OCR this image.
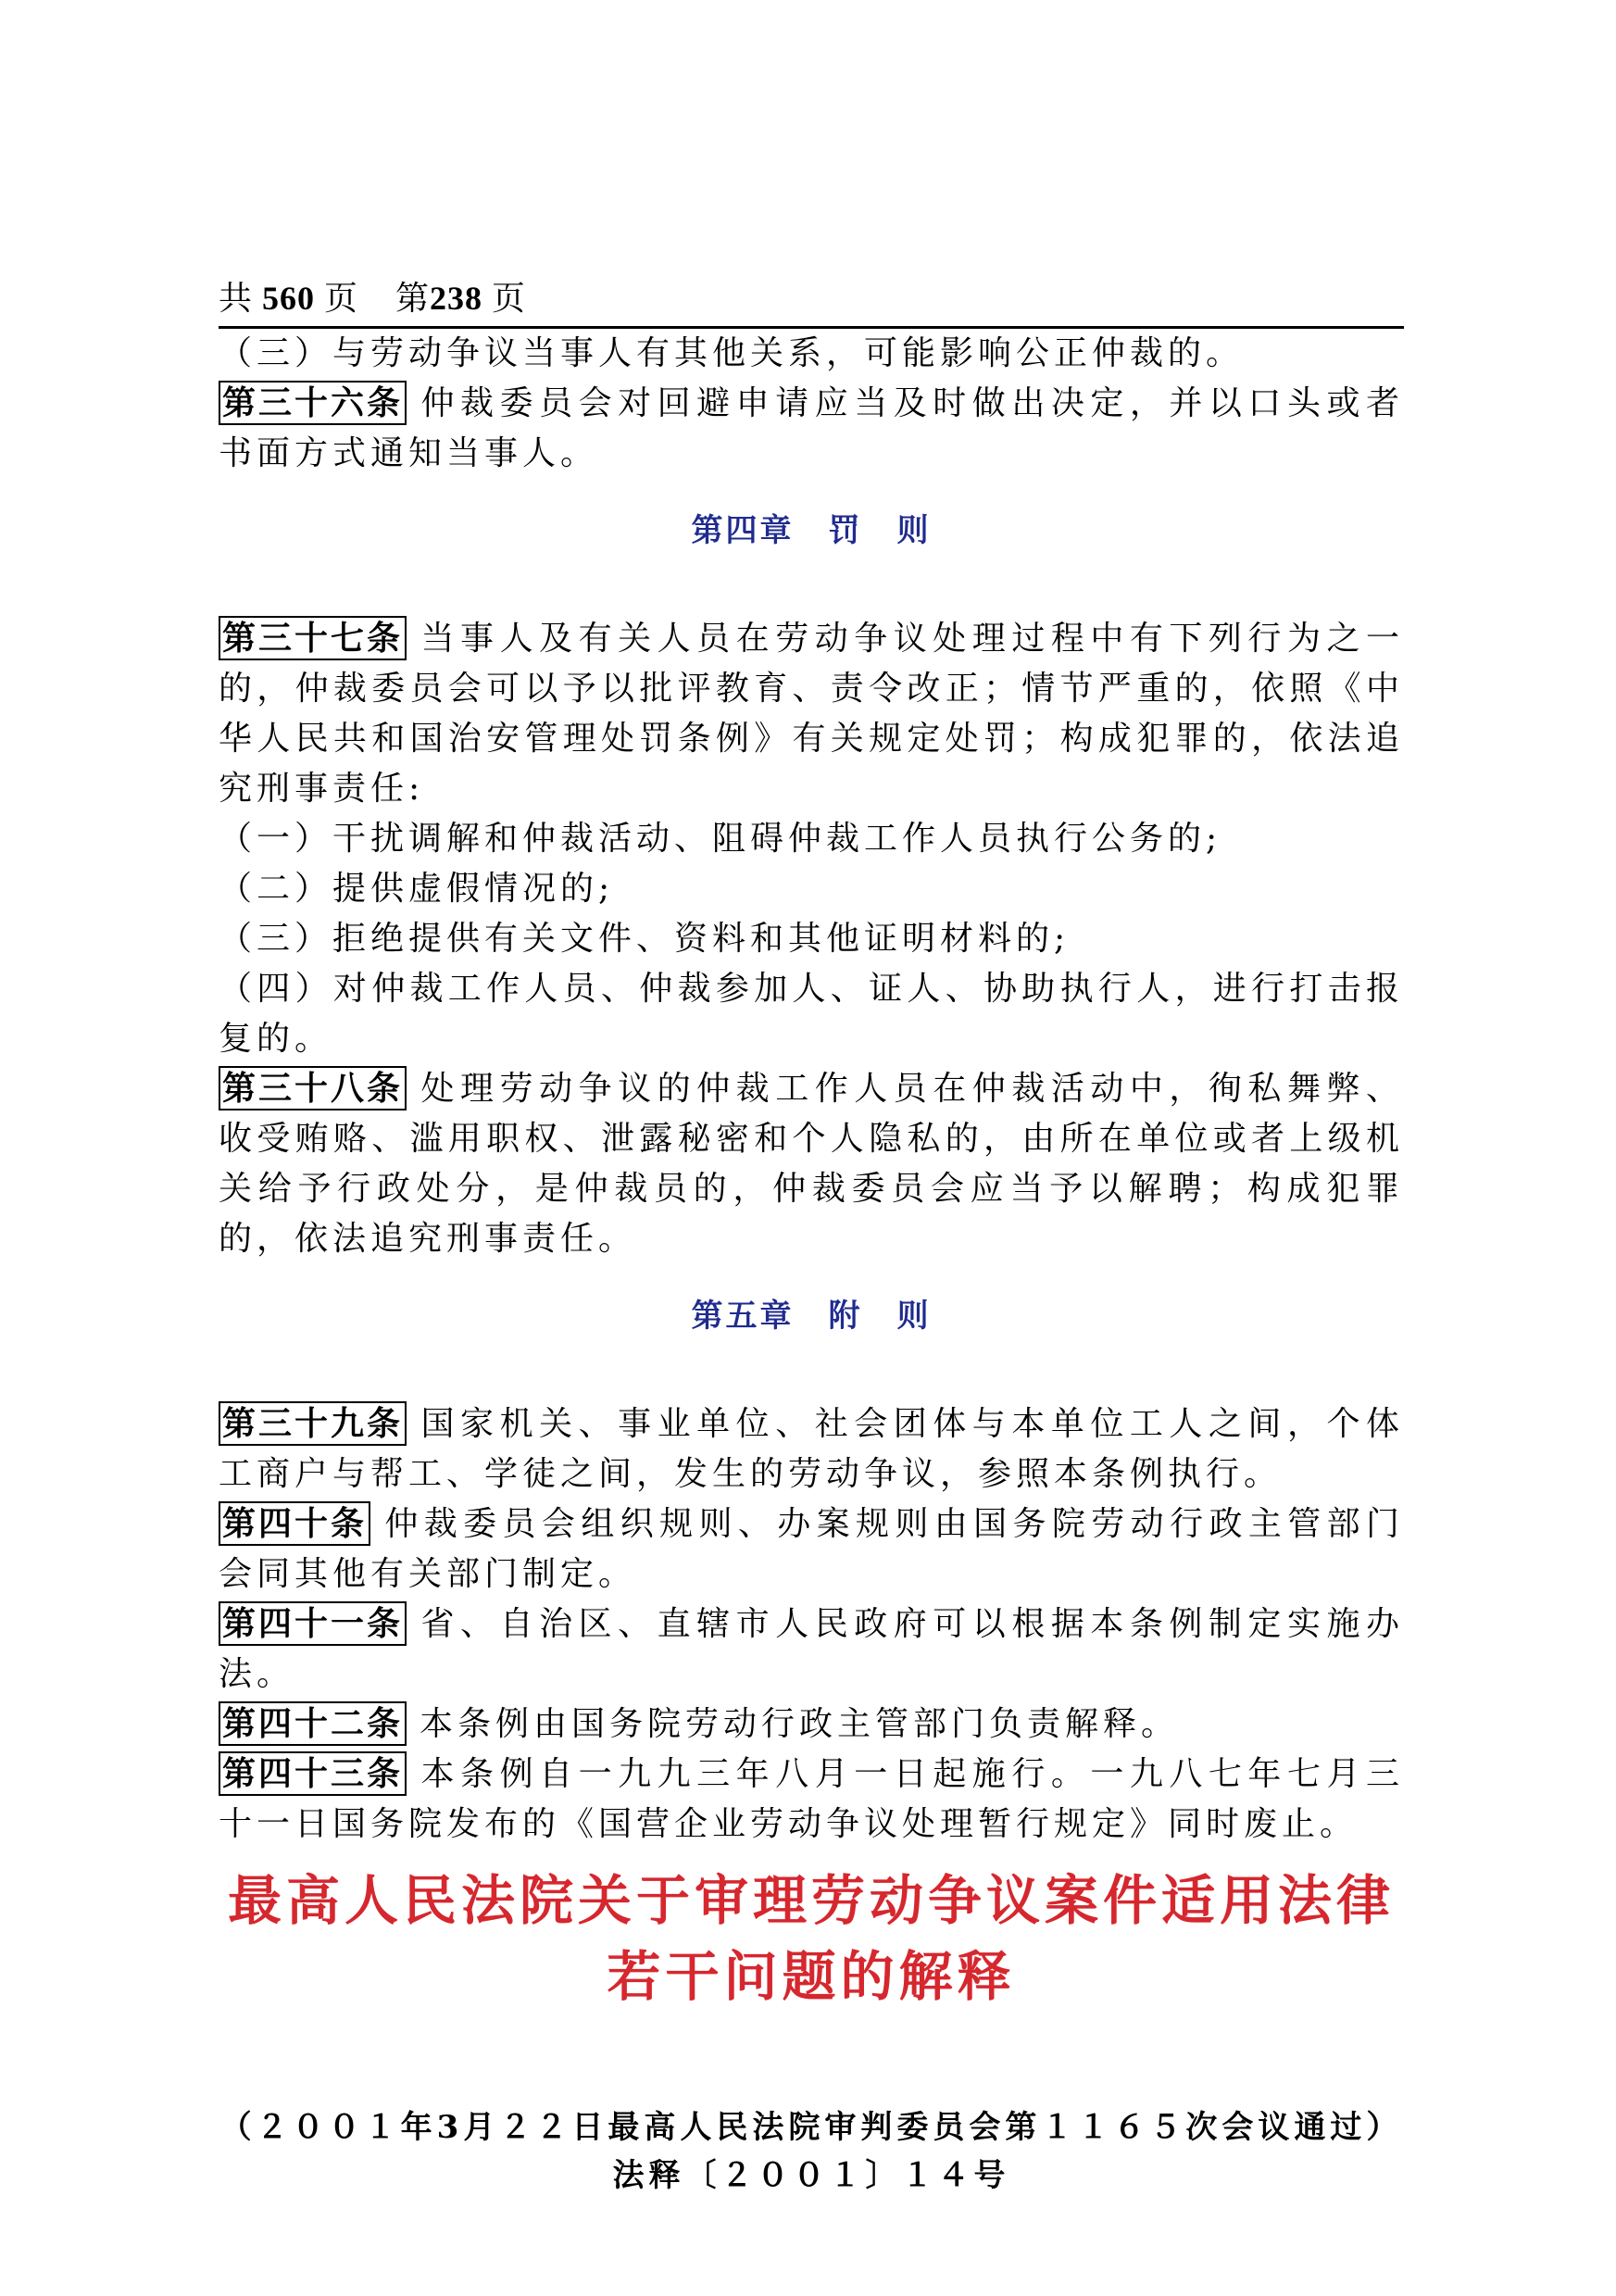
共 560 页 第238 页

（三）与劳动争议当事人有其他关系，可能影响公正仲裁的。

第三十六条 仲裁委员会对回避申请应当及时做出决定，并以口头或者书面方式通知当事人。

第四章　罚　则

第三十七条 当事人及有关人员在劳动争议处理过程中有下列行为之一的，仲裁委员会可以予以批评教育、责令改正；情节严重的，依照《中华人民共和国治安管理处罚条例》有关规定处罚；构成犯罪的，依法追究刑事责任:

（一）干扰调解和仲裁活动、阻碍仲裁工作人员执行公务的;

（二）提供虚假情况的;

（三）拒绝提供有关文件、资料和其他证明材料的;

（四）对仲裁工作人员、仲裁参加人、证人、协助执行人，进行打击报复的。

第三十八条 处理劳动争议的仲裁工作人员在仲裁活动中，徇私舞弊、收受贿赂、滥用职权、泄露秘密和个人隐私的，由所在单位或者上级机关给予行政处分，是仲裁员的，仲裁委员会应当予以解聘；构成犯罪的，依法追究刑事责任。

第五章　附　则

第三十九条 国家机关、事业单位、社会团体与本单位工人之间，个体工商户与帮工、学徒之间，发生的劳动争议，参照本条例执行。

第四十条 仲裁委员会组织规则、办案规则由国务院劳动行政主管部门会同其他有关部门制定。

第四十一条 省、自治区、直辖市人民政府可以根据本条例制定实施办法。

第四十二条 本条例由国务院劳动行政主管部门负责解释。

第四十三条 本条例自一九九三年八月一日起施行。一九八七年七月三十一日国务院发布的《国营企业劳动争议处理暂行规定》同时废止。

最高人民法院关于审理劳动争议案件适用法律
若干问题的解释
（２００１年3月２２日最高人民法院审判委员会第１１６５次会议通过）
法释〔２００１〕１４号
